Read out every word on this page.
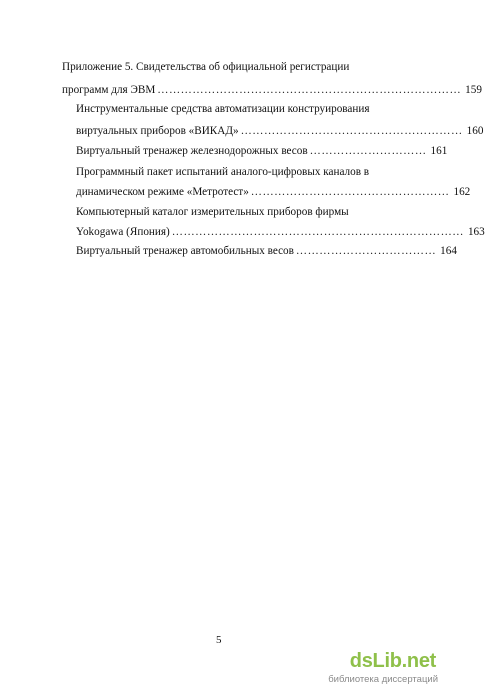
Приложение 5. Свидетельства об официальной регистрации
программ для ЭВМ …………………………………………………………………… 159
Инструментальные средства автоматизации конструирования
виртуальных приборов «ВИКАД» ………………………………………………… 160
Виртуальный тренажер железнодорожных весов ………………………… 161
Программный пакет испытаний аналого-цифровых каналов в
динамическом режиме «Метротест» …………………………………………… 162
Компьютерный каталог измерительных приборов фирмы
Yokogawa (Япония) ………………………………………………………………… 163
Виртуальный тренажер автомобильных весов ……………………………… 164
5
dsLib.net
библиотека диссертаций
